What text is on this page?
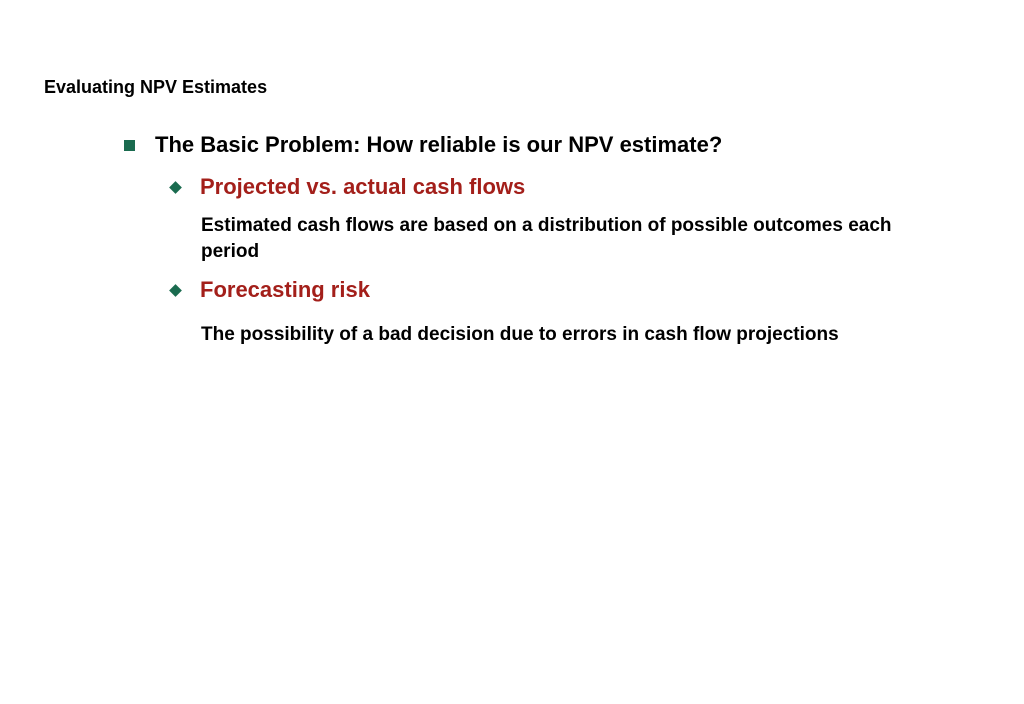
Evaluating NPV Estimates
The Basic Problem: How reliable is our NPV estimate?
Projected vs. actual cash flows
Estimated cash flows are based on a distribution of possible outcomes each period
Forecasting risk
The possibility of a bad decision due to errors in cash flow projections
